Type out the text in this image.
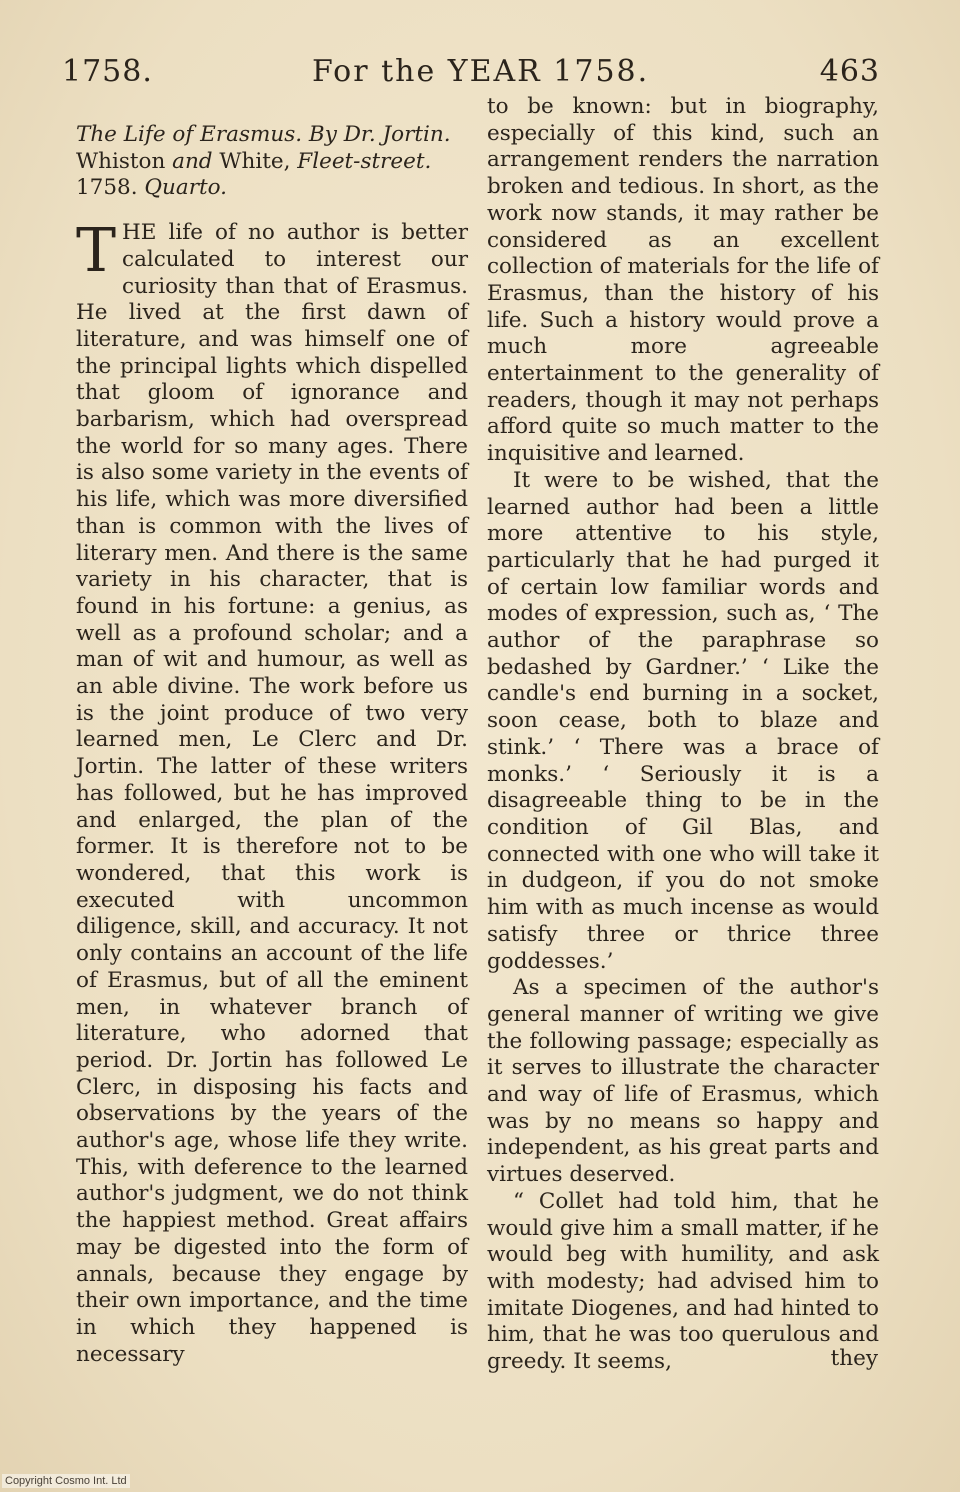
1758.	For the YEAR 1758.	463
The Life of Erasmus. By Dr. Jortin.
Whiston and White, Fleet-street.
1758. Quarto.

THE life of no author is better calculated to interest our curiosity than that of Erasmus. He lived at the first dawn of literature, and was himself one of the principal lights which dispelled that gloom of ignorance and barbarism, which had overspread the world for so many ages. There is also some variety in the events of his life, which was more diversified than is common with the lives of literary men. And there is the same variety in his character, that is found in his fortune: a genius, as well as a profound scholar; and a man of wit and humour, as well as an able divine. The work before us is the joint produce of two very learned men, Le Clerc and Dr. Jortin. The latter of these writers has followed, but he has improved and enlarged, the plan of the former. It is therefore not to be wondered, that this work is executed with uncommon diligence, skill, and accuracy. It not only contains an account of the life of Erasmus, but of all the eminent men, in whatever branch of literature, who adorned that period. Dr. Jortin has followed Le Clerc, in disposing his facts and observations by the years of the author's age, whose life they write. This, with deference to the learned author's judgment, we do not think the happiest method. Great affairs may be digested into the form of annals, because they engage by their own importance, and the time in which they happened is necessary

to be known: but in biography, especially of this kind, such an arrangement renders the narration broken and tedious. In short, as the work now stands, it may rather be considered as an excellent collection of materials for the life of Erasmus, than the history of his life. Such a history would prove a much more agreeable entertainment to the generality of readers, though it may not perhaps afford quite so much matter to the inquisitive and learned.

It were to be wished, that the learned author had been a little more attentive to his style, particularly that he had purged it of certain low familiar words and modes of expression, such as, ‘ The author of the paraphrase so bedashed by Gardner.’ ‘ Like the candle's end burning in a socket, soon cease, both to blaze and stink.’ ‘ There was a brace of monks.’ ‘ Seriously it is a disagreeable thing to be in the condition of Gil Blas, and connected with one who will take it in dudgeon, if you do not smoke him with as much incense as would satisfy three or thrice three goddesses.’

As a specimen of the author's general manner of writing we give the following passage; especially as it serves to illustrate the character and way of life of Erasmus, which was by no means so happy and independent, as his great parts and virtues deserved.

“ Collet had told him, that he would give him a small matter, if he would beg with humility, and ask with modesty; had advised him to imitate Diogenes, and had hinted to him, that he was too querulous and greedy. It seems,	they
Copyright Cosmo Int. Ltd
